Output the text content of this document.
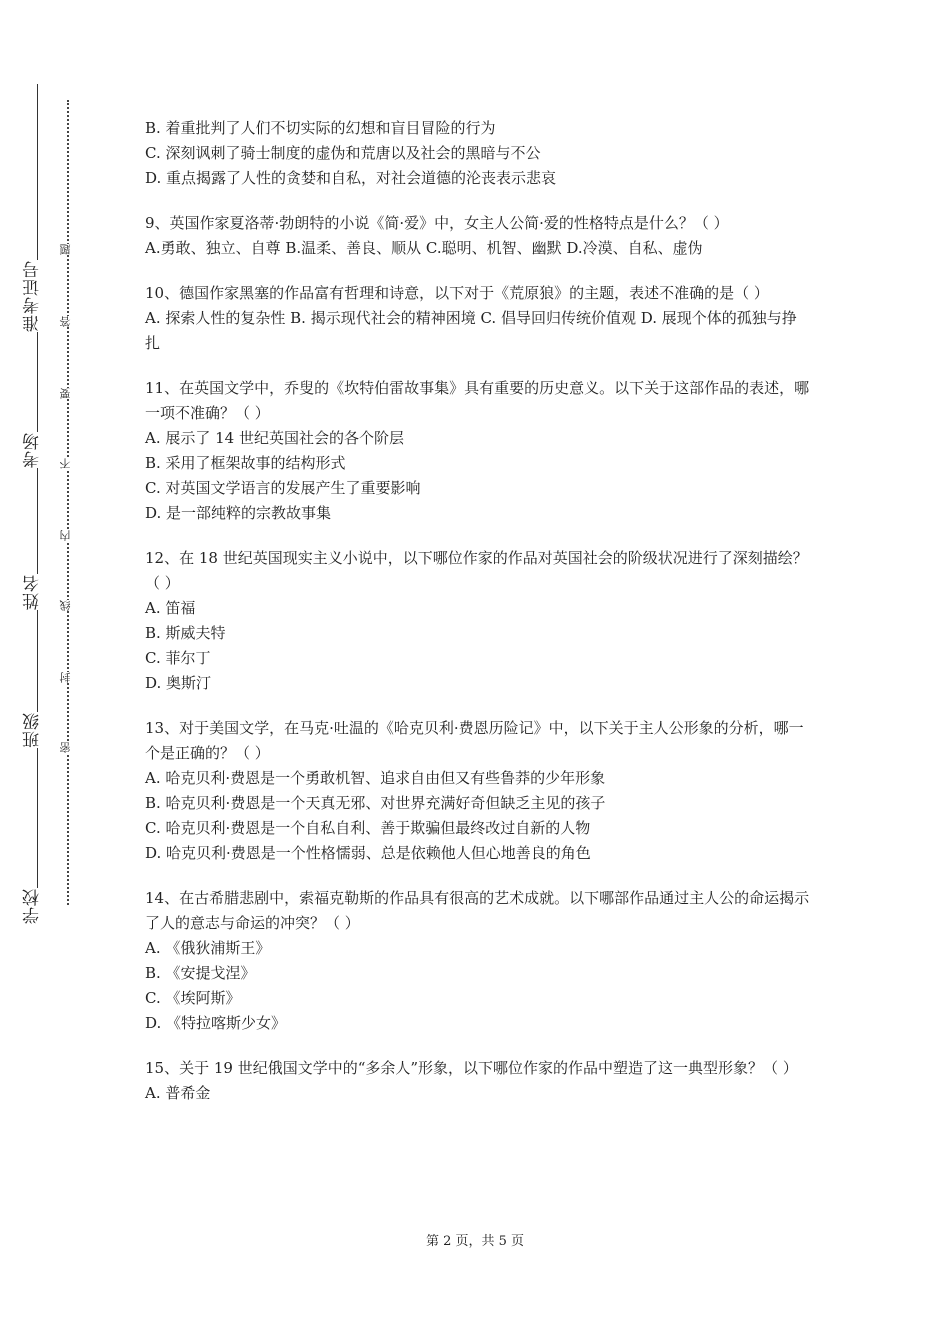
准考证号
考场
姓名
班级
学校
题
答
要
不
内
线
封
密
B. 着重批判了人们不切实际的幻想和盲目冒险的行为
C. 深刻讽刺了骑士制度的虚伪和荒唐以及社会的黑暗与不公
D. 重点揭露了人性的贪婪和自私，对社会道德的沦丧表示悲哀
9、英国作家夏洛蒂·勃朗特的小说《简·爱》中，女主人公简·爱的性格特点是什么？（ ）
A.勇敢、独立、自尊 B.温柔、善良、顺从 C.聪明、机智、幽默 D.冷漠、自私、虚伪
10、德国作家黑塞的作品富有哲理和诗意，以下对于《荒原狼》的主题，表述不准确的是（ ）
A. 探索人性的复杂性 B. 揭示现代社会的精神困境 C. 倡导回归传统价值观 D. 展现个体的孤独与挣扎
11、在英国文学中，乔叟的《坎特伯雷故事集》具有重要的历史意义。以下关于这部作品的表述，哪一项不准确？（ ）
A. 展示了 14 世纪英国社会的各个阶层
B. 采用了框架故事的结构形式
C. 对英国文学语言的发展产生了重要影响
D. 是一部纯粹的宗教故事集
12、在 18 世纪英国现实主义小说中，以下哪位作家的作品对英国社会的阶级状况进行了深刻描绘？（ ）
A. 笛福
B. 斯威夫特
C. 菲尔丁
D. 奥斯汀
13、对于美国文学，在马克·吐温的《哈克贝利·费恩历险记》中，以下关于主人公形象的分析，哪一个是正确的？（ ）
A. 哈克贝利·费恩是一个勇敢机智、追求自由但又有些鲁莽的少年形象
B. 哈克贝利·费恩是一个天真无邪、对世界充满好奇但缺乏主见的孩子
C. 哈克贝利·费恩是一个自私自利、善于欺骗但最终改过自新的人物
D. 哈克贝利·费恩是一个性格懦弱、总是依赖他人但心地善良的角色
14、在古希腊悲剧中，索福克勒斯的作品具有很高的艺术成就。以下哪部作品通过主人公的命运揭示了人的意志与命运的冲突？（ ）
A. 《俄狄浦斯王》
B. 《安提戈涅》
C. 《埃阿斯》
D. 《特拉喀斯少女》
15、关于 19 世纪俄国文学中的“多余人”形象，以下哪位作家的作品中塑造了这一典型形象？（ ）
A. 普希金
第 2 页，共 5 页
